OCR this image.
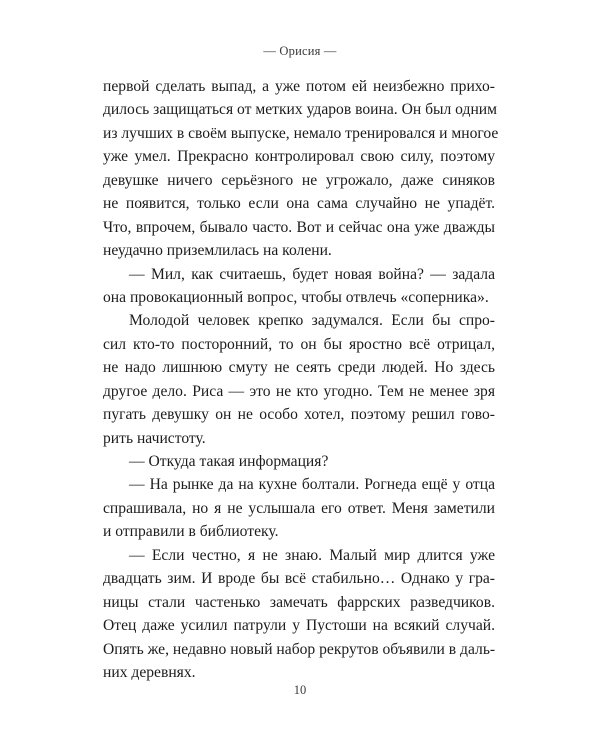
— Орисия —
первой сделать выпад, а уже потом ей неизбежно прихо-
дилось защищаться от метких ударов воина. Он был одним
из лучших в своём выпуске, немало тренировался и многое
уже умел. Прекрасно контролировал свою силу, поэтому
девушке ничего серьёзного не угрожало, даже синяков
не появится, только если она сама случайно не упадёт.
Что, впрочем, бывало часто. Вот и сейчас она уже дважды
неудачно приземлилась на колени.
— Мил, как считаешь, будет новая война? — задала
она провокационный вопрос, чтобы отвлечь «соперника».
Молодой человек крепко задумался. Если бы спро-
сил кто-то посторонний, то он бы яростно всё отрицал,
не надо лишнюю смуту не сеять среди людей. Но здесь
другое дело. Риса — это не кто угодно. Тем не менее зря
пугать девушку он не особо хотел, поэтому решил гово-
рить начистоту.
— Откуда такая информация?
— На рынке да на кухне болтали. Рогнеда ещё у отца
спрашивала, но я не услышала его ответ. Меня заметили
и отправили в библиотеку.
— Если честно, я не знаю. Малый мир длится уже
двадцать зим. И вроде бы всё стабильно… Однако у гра-
ницы стали частенько замечать фаррских разведчиков.
Отец даже усилил патрули у Пустоши на всякий случай.
Опять же, недавно новый набор рекрутов объявили в даль-
них деревнях.
10
